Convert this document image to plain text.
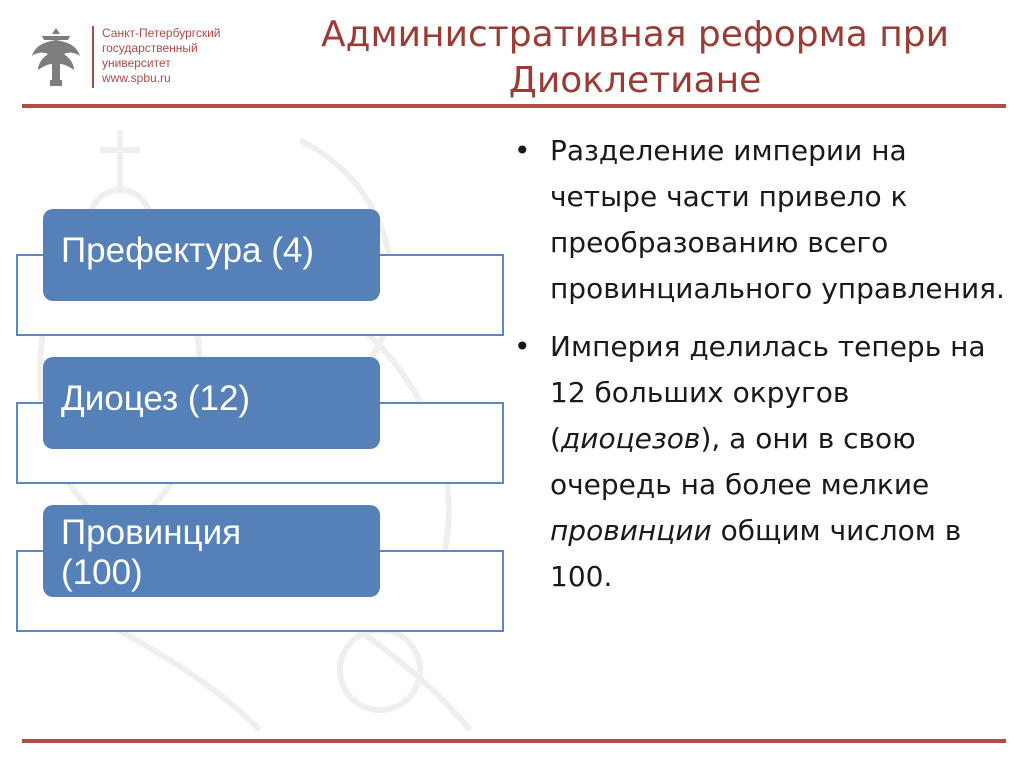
Санкт-Петербургский
государственный
университет
www.spbu.ru
Административная реформа при
Диоклетиане
Префектура (4)
Диоцез (12)
Провинция
(100)
• Разделение империи на четыре части привело к преобразованию всего провинциального управления.
• Империя делилась теперь на 12 больших округов (диоцезов), а они в свою очередь на более мелкие провинции общим числом в 100.
